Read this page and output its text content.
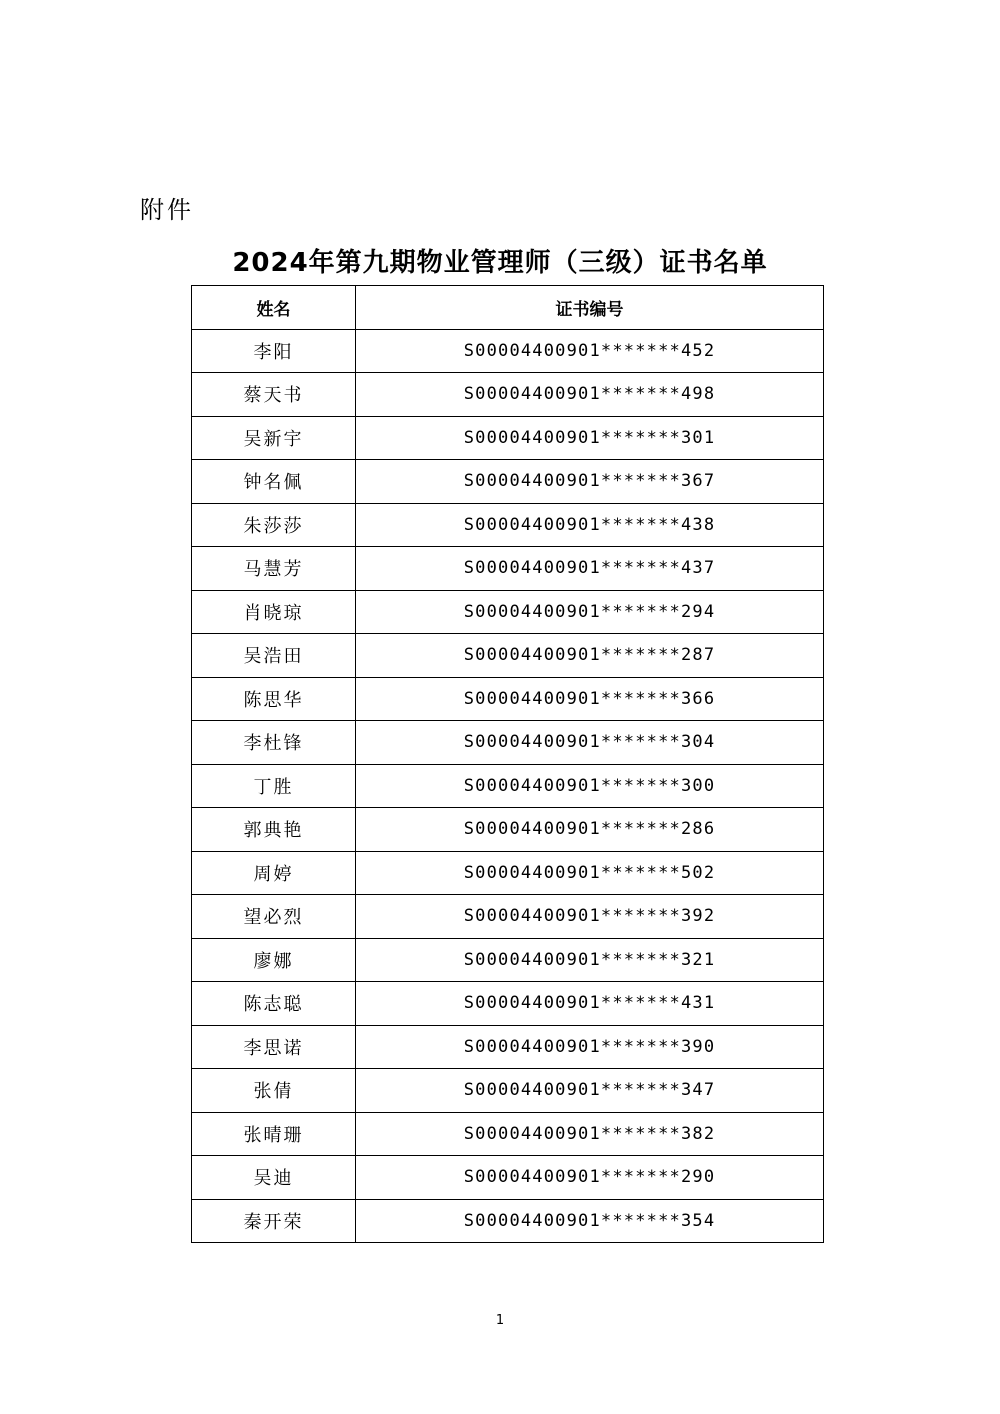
附件
2024年第九期物业管理师（三级）证书名单
姓名	证书编号
李阳	S00004400901*******452
蔡天书	S00004400901*******498
吴新宇	S00004400901*******301
钟名佩	S00004400901*******367
朱莎莎	S00004400901*******438
马慧芳	S00004400901*******437
肖晓琼	S00004400901*******294
吴浩田	S00004400901*******287
陈思华	S00004400901*******366
李杜锋	S00004400901*******304
丁胜	S00004400901*******300
郭典艳	S00004400901*******286
周婷	S00004400901*******502
望必烈	S00004400901*******392
廖娜	S00004400901*******321
陈志聪	S00004400901*******431
李思诺	S00004400901*******390
张倩	S00004400901*******347
张晴珊	S00004400901*******382
吴迪	S00004400901*******290
秦开荣	S00004400901*******354
1
